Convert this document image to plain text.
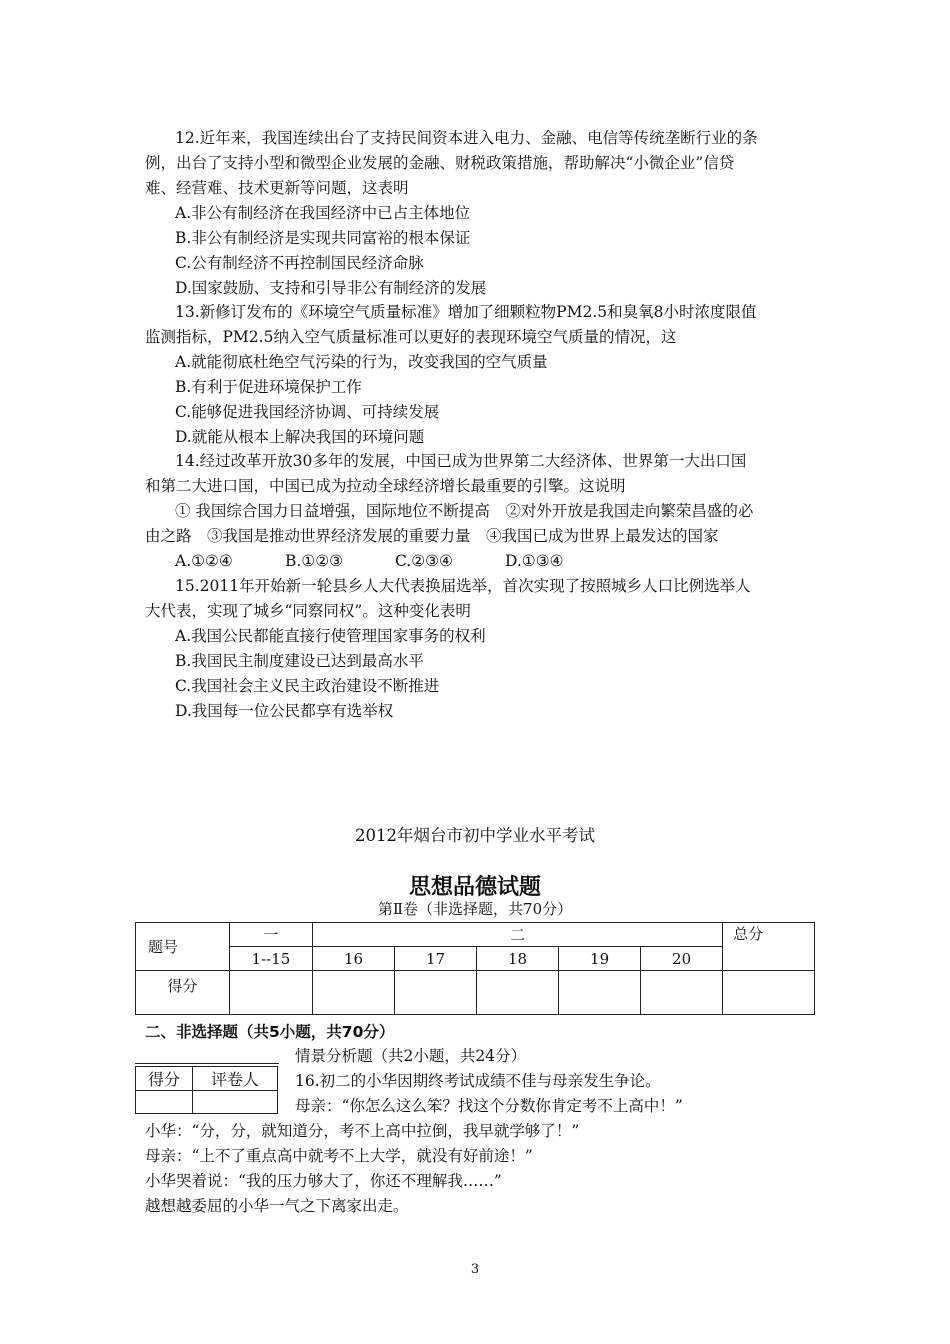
12.近年来，我国连续出台了支持民间资本进入电力、金融、电信等传统垄断行业的条
例，出台了支持小型和微型企业发展的金融、财税政策措施，帮助解决“小微企业”信贷
难、经营难、技术更新等问题，这表明
A.非公有制经济在我国经济中已占主体地位
B.非公有制经济是实现共同富裕的根本保证
C.公有制经济不再控制国民经济命脉
D.国家鼓励、支持和引导非公有制经济的发展
13.新修订发布的《环境空气质量标准》增加了细颗粒物PM2.5和臭氧8小时浓度限值
监测指标，PM2.5纳入空气质量标准可以更好的表现环境空气质量的情况，这
A.就能彻底杜绝空气污染的行为，改变我国的空气质量
B.有利于促进环境保护工作
C.能够促进我国经济协调、可持续发展
D.就能从根本上解决我国的环境问题
14.经过改革开放30多年的发展，中国已成为世界第二大经济体、世界第一大出口国
和第二大进口国，中国已成为拉动全球经济增长最重要的引擎。这说明
① 我国综合国力日益增强，国际地位不断提高　②对外开放是我国走向繁荣昌盛的必
由之路　③我国是推动世界经济发展的重要力量　④我国已成为世界上最发达的国家
A.①②④	B.①②③	C.②③④	D.①③④
15.2011年开始新一轮县乡人大代表换届选举，首次实现了按照城乡人口比例选举人
大代表，实现了城乡“同察同权”。这种变化表明
A.我国公民都能直接行使管理国家事务的权利
B.我国民主制度建设已达到最高水平
C.我国社会主义民主政治建设不断推进
D.我国每一位公民都享有选举权
2012年烟台市初中学业水平考试
思想品德试题
第Ⅱ卷（非选择题，共70分）
题号	一	二					总分
	1--15	16	17	18	19	20	
得分							
二、非选择题（共5小题，共70分）
情景分析题（共2小题，共24分）
得分	评卷人
	16.初二的小华因期终考试成绩不佳与母亲发生争论。
母亲：“你怎么这么笨？找这个分数你肯定考不上高中！”
小华：“分，分，就知道分，考不上高中拉倒，我早就学够了！”
母亲：“上不了重点高中就考不上大学，就没有好前途！”
小华哭着说：“我的压力够大了，你还不理解我……”
越想越委屈的小华一气之下离家出走。
3
